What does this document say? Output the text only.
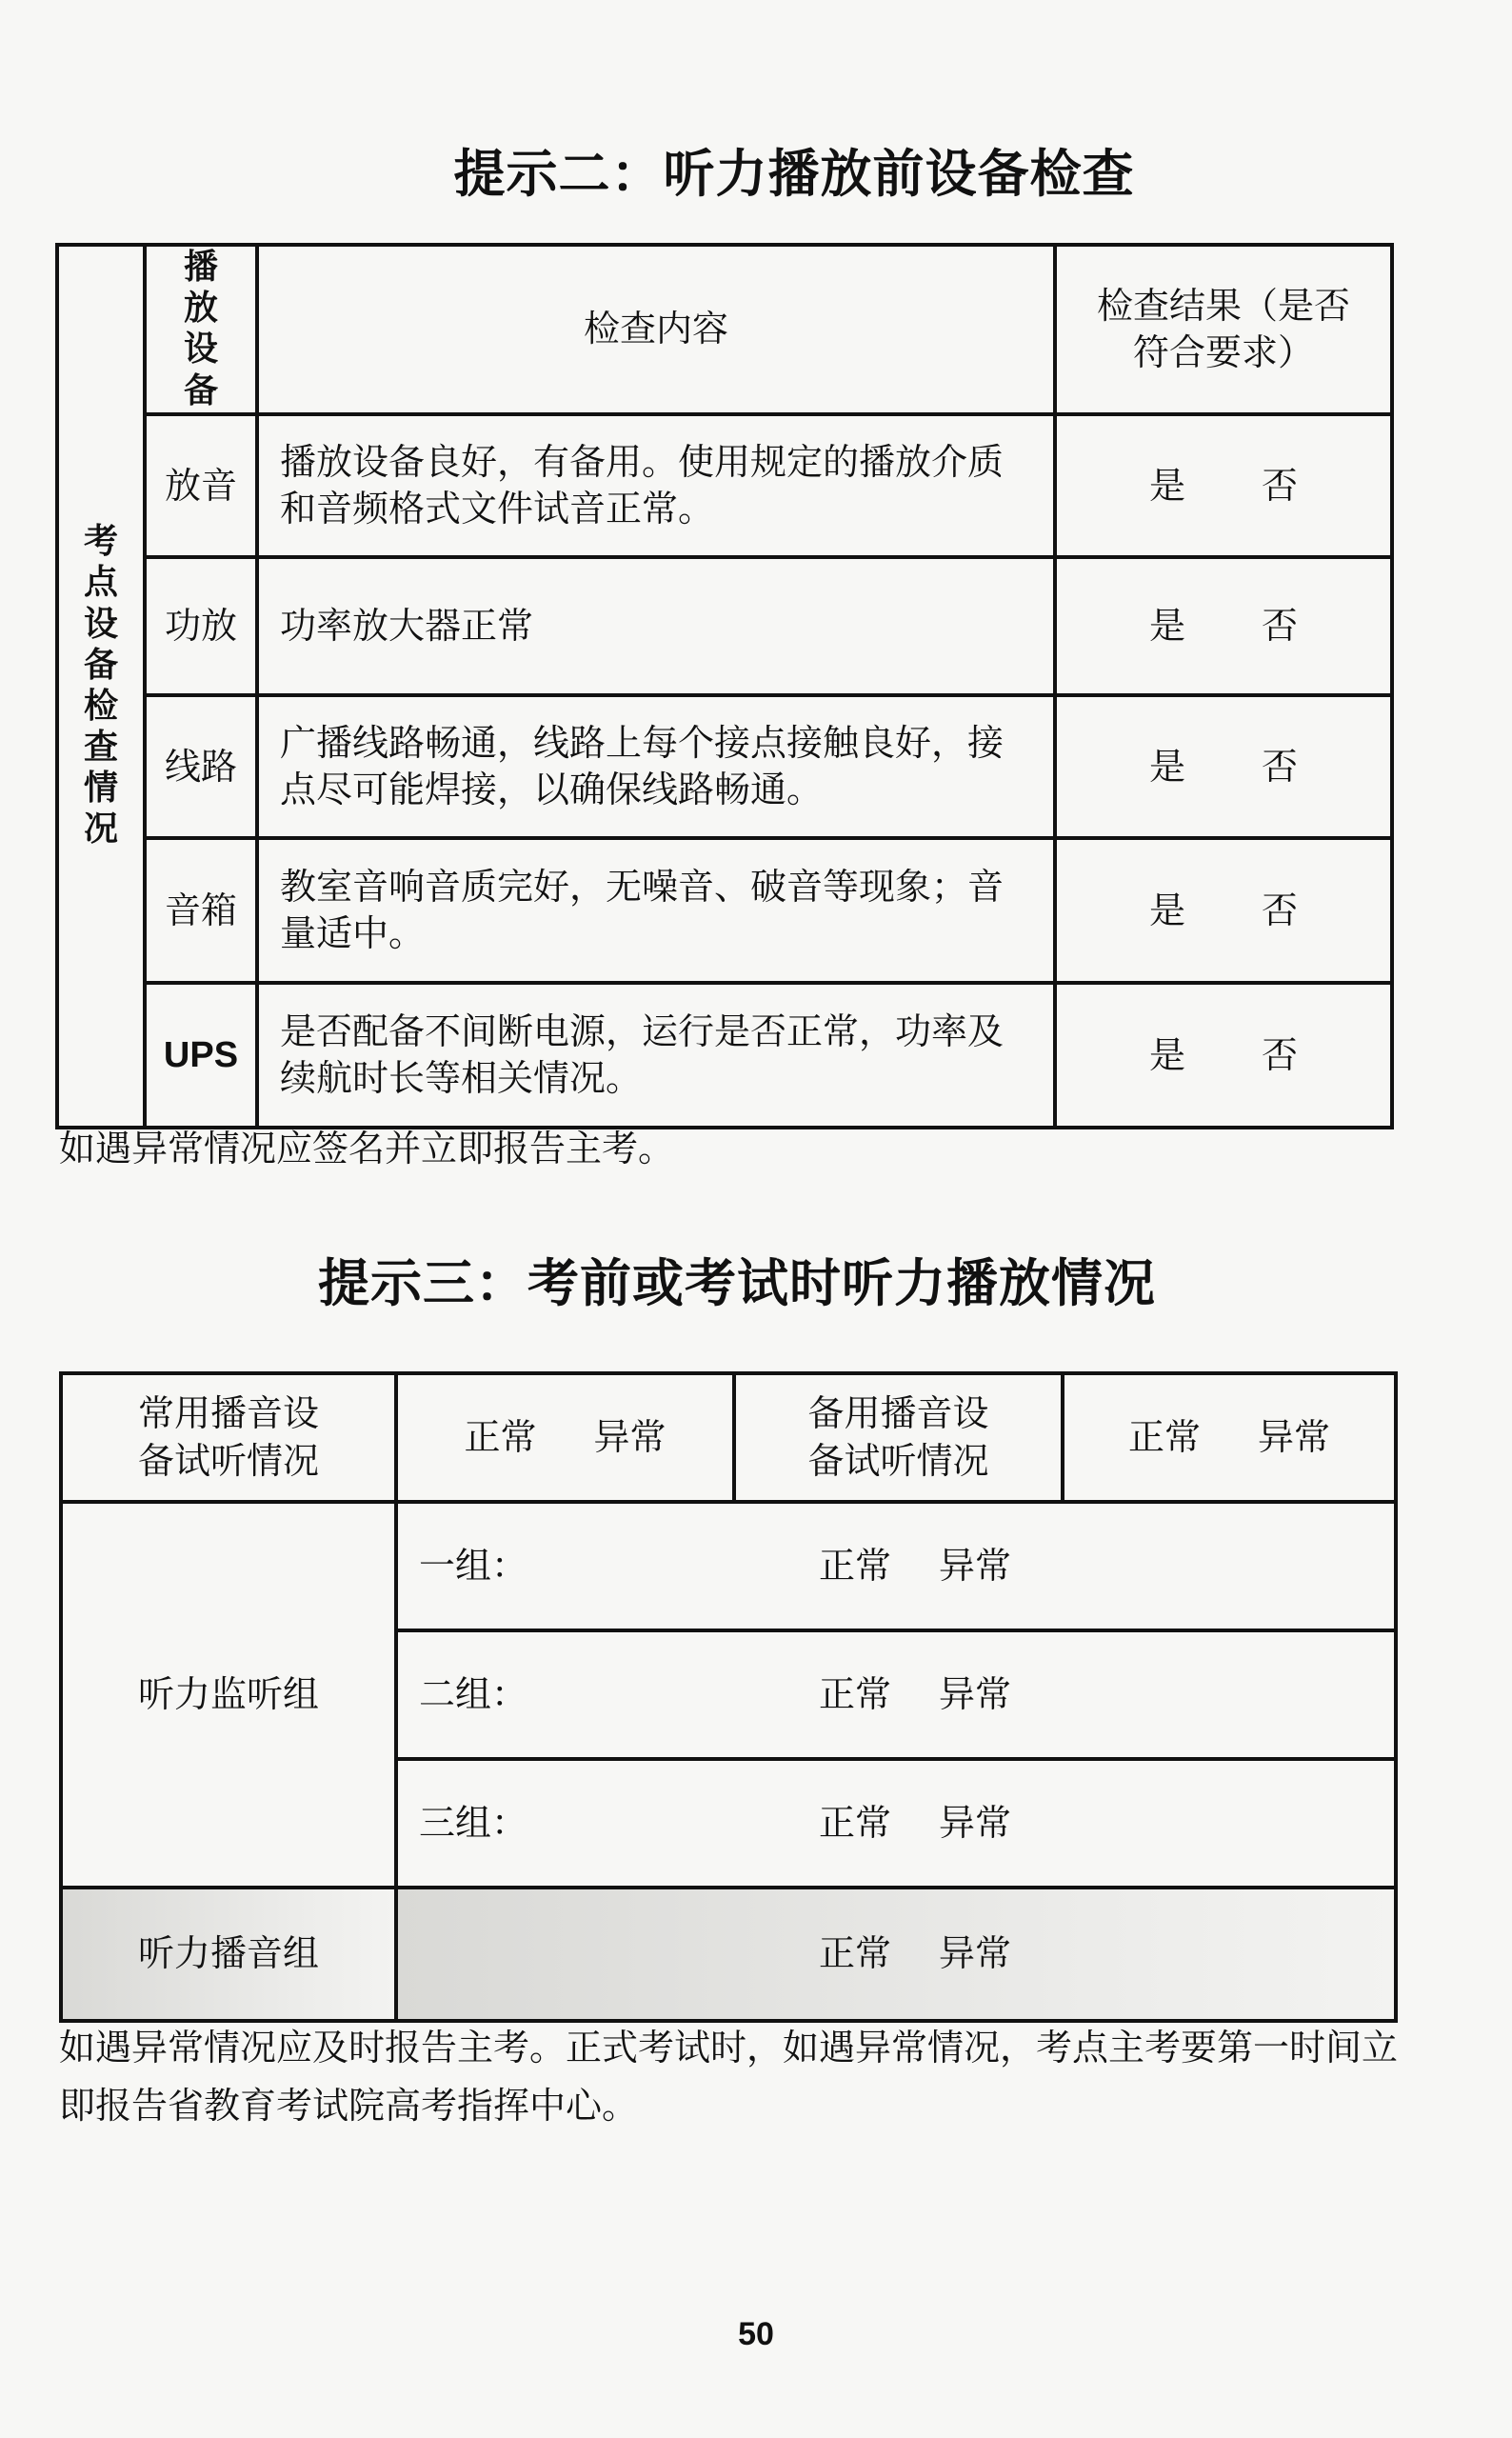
提示二：听力播放前设备检查
考点设备检查情况	播放设备	检查内容	检查结果（是否符合要求）
	放音	播放设备良好，有备用。使用规定的播放介质和音频格式文件试音正常。	是 否
	功放	功率放大器正常	是 否
	线路	广播线路畅通，线路上每个接点接触良好，接点尽可能焊接，以确保线路畅通。	是 否
	音箱	教室音响音质完好，无噪音、破音等现象；音量适中。	是 否
	UPS	是否配备不间断电源，运行是否正常，功率及续航时长等相关情况。	是 否
如遇异常情况应签名并立即报告主考。
提示三：考前或考试时听力播放情况
常用播音设备试听情况	正常 异常	备用播音设备试听情况	正常 异常
听力监听组	一组： 正常 异常		
	二组： 正常 异常		
	三组： 正常 异常		
听力播音组	正常 异常		
如遇异常情况应及时报告主考。正式考试时，如遇异常情况，考点主考要第一时间立即报告省教育考试院高考指挥中心。
50
